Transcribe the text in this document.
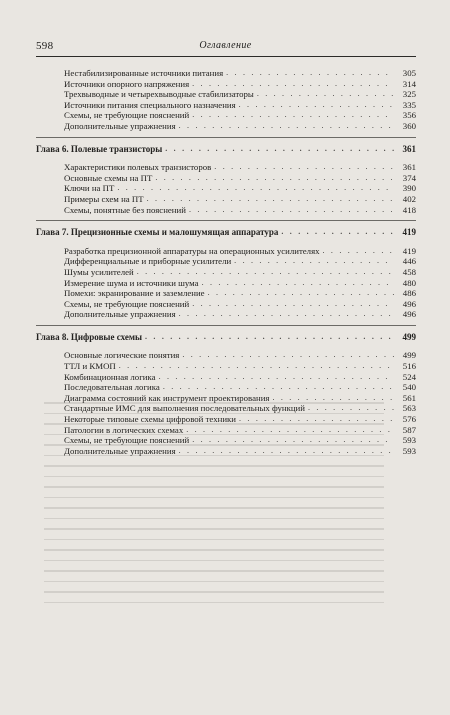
598	Оглавление
Нестабилизированные источники питания . . .	305
Источники опорного напряжения . . .	314
Трехвыводные и четырехвыводные стабилизаторы . . .	325
Источники питания специального назначения . . .	335
Схемы, не требующие пояснений . . .	356
Дополнительные упражнения . . .	360
Глава 6. Полевые транзисторы . . .	361
Характеристики полевых транзисторов . . .	361
Основные схемы на ПТ . . .	374
Ключи на ПТ . . .	390
Примеры схем на ПТ . . .	402
Схемы, понятные без пояснений . . .	418
Глава 7. Прецизионные схемы и малошумящая аппаратура . . .	419
Разработка прецизионной аппаратуры на операционных усилителях . . .	419
Дифференциальные и приборные усилители . . .	446
Шумы усилителей . . .	458
Измерение шума и источники шума . . .	480
Помехи: экранирование и заземление . . .	486
Схемы, не требующие пояснений . . .	496
Дополнительные упражнения . . .	496
Глава 8. Цифровые схемы . . .	499
Основные логические понятия . . .	499
ТТЛ и КМОП . . .	516
Комбинационная логика . . .	524
Последовательная логика . . .	540
Диаграмма состояний как инструмент проектирования . . .	561
Стандартные ИМС для выполнения последовательных функций . . .	563
Некоторые типовые схемы цифровой техники . . .	576
Патологии в логических схемах . . .	587
Схемы, не требующие пояснений . . .	593
Дополнительные упражнения . . .	593
